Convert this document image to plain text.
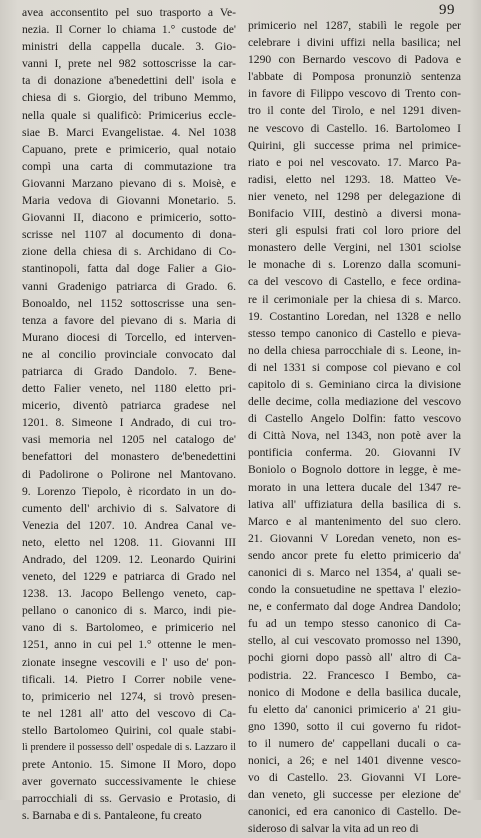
99
avea acconsentito pel suo trasporto a Ve-
nezia. Il Corner lo chiama 1.° custode de'
ministri della cappella ducale. 3. Gio-
vanni I, prete nel 982 sottoscrisse la car-
ta di donazione a'benedettini dell' isola e
chiesa di s. Giorgio, del tribuno Memmo,
nella quale si qualificò: Primicerius eccle-
siae B. Marci Evangelistae. 4. Nel 1038
Capuano, prete e primicerio, qual notaio
compì una carta di commutazione tra
Giovanni Marzano pievano di s. Moisè, e
Maria vedova di Giovanni Monetario. 5.
Giovanni II, diacono e primicerio, sotto-
scrisse nel 1107 al documento di dona-
zione della chiesa di s. Archidano di Co-
stantinopoli, fatta dal doge Falier a Gio-
vanni Gradenigo patriarca di Grado. 6.
Bonoaldo, nel 1152 sottoscrisse una sen-
tenza a favore del pievano di s. Maria di
Murano diocesi di Torcello, ed interven-
ne al concilio provinciale convocato dal
patriarca di Grado Dandolo. 7. Bene-
detto Falier veneto, nel 1180 eletto pri-
micerio, diventò patriarca gradese nel
1201. 8. Simeone I Andrado, di cui tro-
vasi memoria nel 1205 nel catalogo de'
benefattori del monastero de'benedettini
di Padolirone o Polirone nel Mantovano.
9. Lorenzo Tiepolo, è ricordato in un do-
cumento dell' archivio di s. Salvatore di
Venezia del 1207. 10. Andrea Canal ve-
neto, eletto nel 1208. 11. Giovanni III
Andrado, del 1209. 12. Leonardo Quirini
veneto, del 1229 e patriarca di Grado nel
1238. 13. Jacopo Bellengo veneto, cap-
pellano o canonico di s. Marco, indi pie-
vano di s. Bartolomeo, e primicerio nel
1251, anno in cui pel 1.° ottenne le men-
zionate insegne vescovili e l' uso de' pon-
tificali. 14. Pietro I Correr nobile vene-
to, primicerio nel 1274, si trovò presen-
te nel 1281 all' atto del vescovo di Ca-
stello Bartolomeo Quirini, col quale stabi-
lì prendere il possesso dell' ospedale di s. Lazzaro il
prete Antonio. 15. Simone II Moro, dopo
aver governato successivamente le chiese
parrocchiali di ss. Gervasio e Protasio, di
s. Barnaba e di s. Pantaleone, fu creato
primicerio nel 1287, stabilì le regole per
celebrare i divini uffizi nella basilica; nel
1290 con Bernardo vescovo di Padova e
l'abbate di Pomposa pronunziò sentenza
in favore di Filippo vescovo di Trento con-
tro il conte del Tirolo, e nel 1291 diven-
ne vescovo di Castello. 16. Bartolomeo I
Quirini, gli successe prima nel primice-
riato e poi nel vescovato. 17. Marco Pa-
radisi, eletto nel 1293. 18. Matteo Ve-
nier veneto, nel 1298 per delegazione di
Bonifacio VIII, destinò a diversi mona-
steri gli espulsi frati col loro priore del
monastero delle Vergini, nel 1301 sciolse
le monache di s. Lorenzo dalla scomuni-
ca del vescovo di Castello, e fece ordina-
re il cerimoniale per la chiesa di s. Marco.
19. Costantino Loredan, nel 1328 e nello
stesso tempo canonico di Castello e pieva-
no della chiesa parrocchiale di s. Leone, in-
di nel 1331 si compose col pievano e col
capitolo di s. Geminiano circa la divisione
delle decime, colla mediazione del vescovo
di Castello Angelo Dolfin: fatto vescovo
di Città Nova, nel 1343, non potè aver la
pontificia conferma. 20. Giovanni IV
Boniolo o Bognolo dottore in legge, è me-
morato in una lettera ducale del 1347 re-
lativa all' uffiziatura della basilica di s.
Marco e al mantenimento del suo clero.
21. Giovanni V Loredan veneto, non es-
sendo ancor prete fu eletto primicerio da'
canonici di s. Marco nel 1354, a' quali se-
condo la consuetudine ne spettava l' elezio-
ne, e confermato dal doge Andrea Dandolo;
fu ad un tempo stesso canonico di Ca-
stello, al cui vescovato promosso nel 1390,
pochi giorni dopo passò all' altro di Ca-
podistria. 22. Francesco I Bembo, ca-
nonico di Modone e della basilica ducale,
fu eletto da' canonici primicerio a' 21 giu-
gno 1390, sotto il cui governo fu ridot-
to il numero de' cappellani ducali o ca-
nonici, a 26; e nel 1401 divenne vesco-
vo di Castello. 23. Giovanni VI Lore-
dan veneto, gli successe per elezione de'
canonici, ed era canonico di Castello. De-
sideroso di salvar la vita ad un reo di
